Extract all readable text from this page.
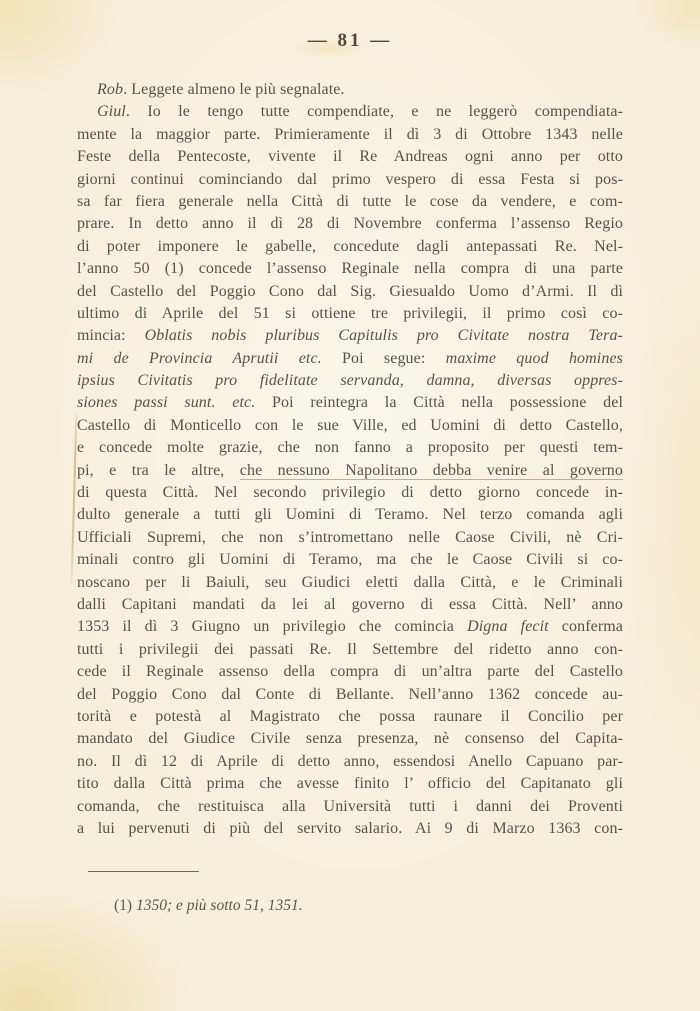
— 81 —
Rob. Leggete almeno le più segnalate.
Giul. Io le tengo tutte compendiate, e ne leggerò compendiata-
mente la maggior parte. Primieramente il dì 3 di Ottobre 1343 nelle
Feste della Pentecoste, vivente il Re Andreas ogni anno per otto
giorni continui cominciando dal primo vespero di essa Festa si pos-
sa far fiera generale nella Città di tutte le cose da vendere, e com-
prare. In detto anno il dì 28 di Novembre conferma l’assenso Regio
di poter imponere le gabelle, concedute dagli antepassati Re. Nel-
l’anno 50 (1) concede l’assenso Reginale nella compra di una parte
del Castello del Poggio Cono dal Sig. Giesualdo Uomo d’Armi. Il dì
ultimo di Aprile del 51 si ottiene tre privilegii, il primo così co-
mincia: Oblatis nobis pluribus Capitulis pro Civitate nostra Tera-
mi de Provincia Aprutii etc. Poi segue: maxime quod homines
ipsius Civitatis pro fidelitate servanda, damna, diversas oppres-
siones passi sunt. etc. Poi reintegra la Città nella possessione del
Castello di Monticello con le sue Ville, ed Uomini di detto Castello,
e concede molte grazie, che non fanno a proposito per questi tem-
pi, e tra le altre, che nessuno Napolitano debba venire al governo
di questa Città. Nel secondo privilegio di detto giorno concede in-
dulto generale a tutti gli Uomini di Teramo. Nel terzo comanda agli
Ufficiali Supremi, che non s’intromettano nelle Caose Civili, nè Cri-
minali contro gli Uomini di Teramo, ma che le Caose Civili si co-
noscano per li Baiuli, seu Giudici eletti dalla Città, e le Criminali
dalli Capitani mandati da lei al governo di essa Città. Nell’ anno
1353 il dì 3 Giugno un privilegio che comincia Digna fecit conferma
tutti i privilegii dei passati Re. Il Settembre del ridetto anno con-
cede il Reginale assenso della compra di un’altra parte del Castello
del Poggio Cono dal Conte di Bellante. Nell’anno 1362 concede au-
torità e potestà al Magistrato che possa raunare il Concilio per
mandato del Giudice Civile senza presenza, nè consenso del Capita-
no. Il dì 12 di Aprile di detto anno, essendosi Anello Capuano par-
tito dalla Città prima che avesse finito l’ officio del Capitanato gli
comanda, che restituisca alla Università tutti i danni dei Proventi
a lui pervenuti di più del servito salario. Ai 9 di Marzo 1363 con-
(1) 1350; e più sotto 51, 1351.
